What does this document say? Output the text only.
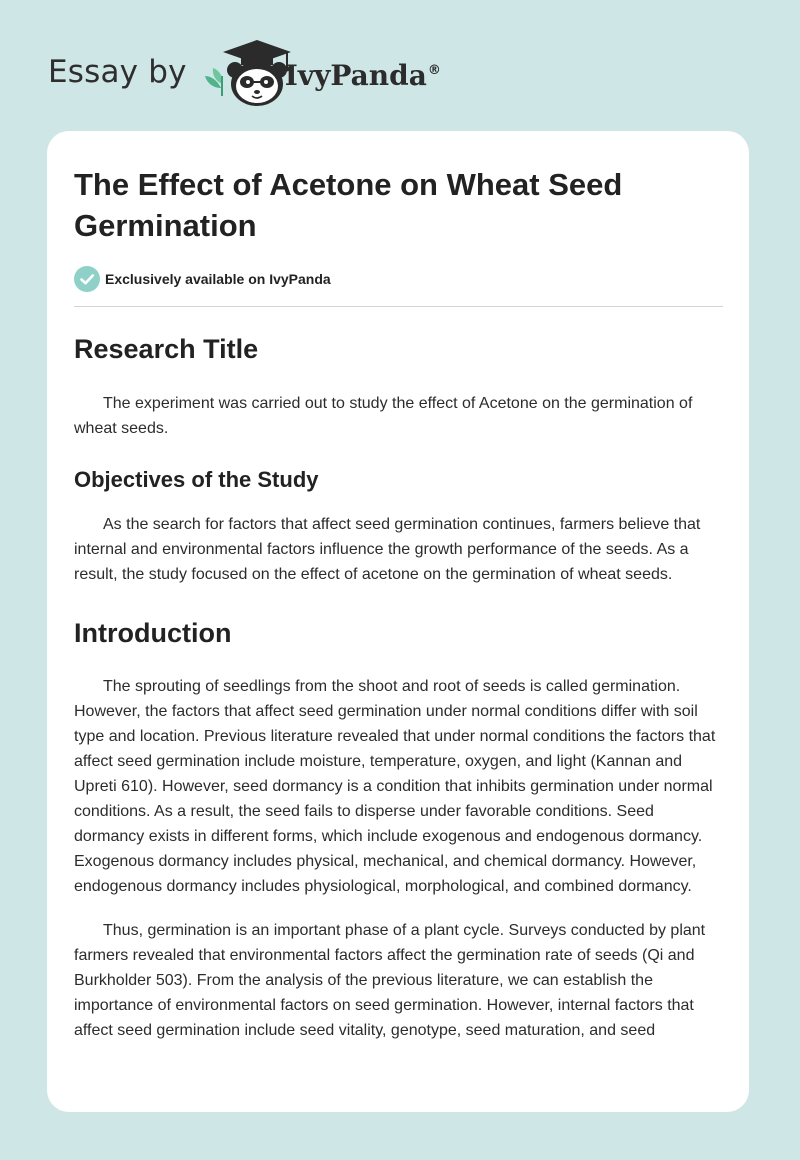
Essay by	IvyPanda®
The Effect of Acetone on Wheat Seed Germination
Exclusively available on IvyPanda
Research Title

The experiment was carried out to study the effect of Acetone on the germination of wheat seeds.

Objectives of the Study

As the search for factors that affect seed germination continues, farmers believe that internal and environmental factors influence the growth performance of the seeds. As a result, the study focused on the effect of acetone on the germination of wheat seeds.

Introduction

The sprouting of seedlings from the shoot and root of seeds is called germination. However, the factors that affect seed germination under normal conditions differ with soil type and location. Previous literature revealed that under normal conditions the factors that affect seed germination include moisture, temperature, oxygen, and light (Kannan and Upreti 610). However, seed dormancy is a condition that inhibits germination under normal conditions. As a result, the seed fails to disperse under favorable conditions. Seed dormancy exists in different forms, which include exogenous and endogenous dormancy. Exogenous dormancy includes physical, mechanical, and chemical dormancy. However, endogenous dormancy includes physiological, morphological, and combined dormancy.

Thus, germination is an important phase of a plant cycle. Surveys conducted by plant farmers revealed that environmental factors affect the germination rate of seeds (Qi and Burkholder 503). From the analysis of the previous literature, we can establish the importance of environmental factors on seed germination. However, internal factors that affect seed germination include seed vitality, genotype, seed maturation, and seed
